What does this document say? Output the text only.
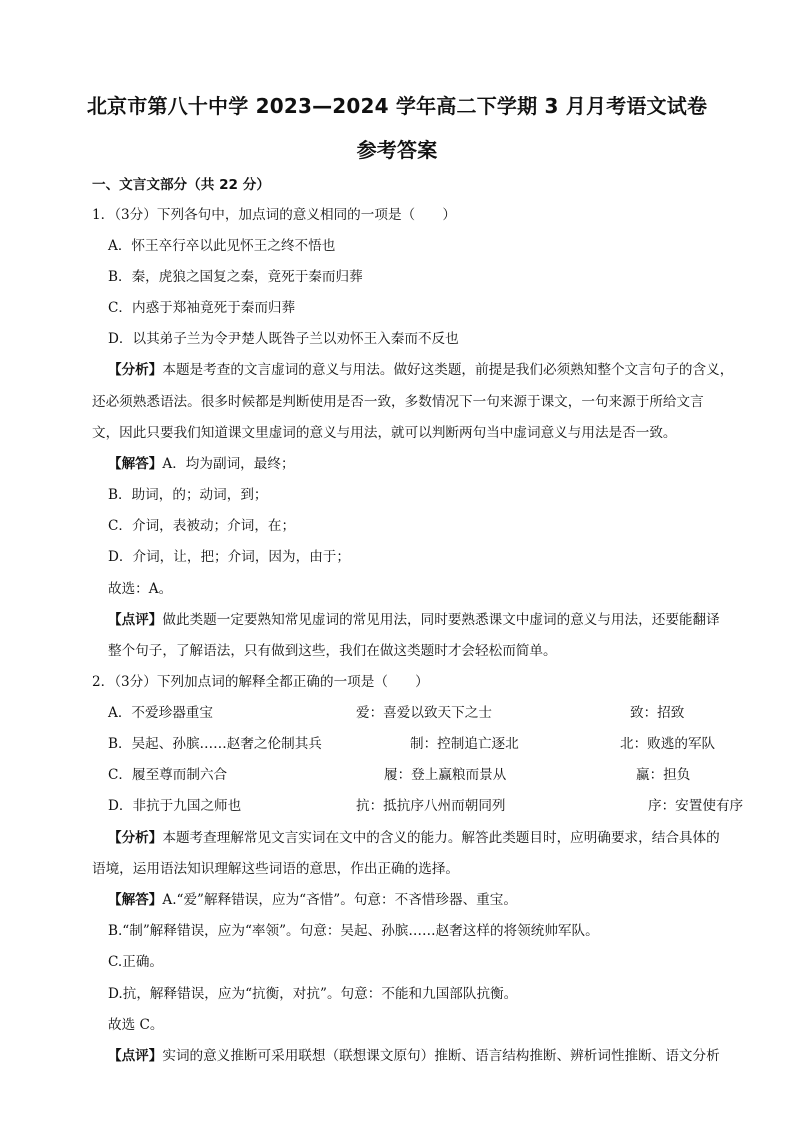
北京市第八十中学 2023—2024 学年高二下学期 3 月月考语文试卷
参考答案
一、文言文部分（共 22 分）
1．（3分）下列各句中，加点词的意义相同的一项是（　　）
A．怀王卒行卒以此见怀王之终不悟也
B．秦，虎狼之国复之秦，竟死于秦而归葬
C．内惑于郑袖竟死于秦而归葬
D．以其弟子兰为令尹楚人既咎子兰以劝怀王入秦而不反也
【分析】本题是考查的文言虚词的意义与用法。做好这类题，前提是我们必须熟知整个文言句子的含义，
还必须熟悉语法。很多时候都是判断使用是否一致，多数情况下一句来源于课文，一句来源于所给文言
文，因此只要我们知道课文里虚词的意义与用法，就可以判断两句当中虚词意义与用法是否一致。
【解答】A．均为副词，最终；
B．助词，的；动词，到；
C．介词，表被动；介词，在；
D．介词，让，把；介词，因为，由于；
故选：A。
【点评】做此类题一定要熟知常见虚词的常见用法，同时要熟悉课文中虚词的意义与用法，还要能翻译
整个句子，了解语法，只有做到这些，我们在做这类题时才会轻松而简单。
2．（3分）下列加点词的解释全都正确的一项是（　　）
A．不爱珍器重宝	爱：喜爱以致天下之士	致：招致
B．吴起、孙膑……赵奢之伦制其兵	制：控制追亡逐北	北：败逃的军队
C．履至尊而制六合	履：登上赢粮而景从	赢：担负
D．非抗于九国之师也	抗：抵抗序八州而朝同列	序：安置使有序
【分析】本题考查理解常见文言实词在文中的含义的能力。解答此类题目时，应明确要求，结合具体的
语境，运用语法知识理解这些词语的意思，作出正确的选择。
【解答】A.“爱”解释错误，应为“吝惜”。句意：不吝惜珍器、重宝。
B.“制”解释错误，应为“率领”。句意：吴起、孙膑……赵奢这样的将领统帅军队。
C.正确。
D.抗，解释错误，应为“抗衡，对抗”。句意：不能和九国部队抗衡。
故选 C。
【点评】实词的意义推断可采用联想（联想课文原句）推断、语言结构推断、辨析词性推断、语文分析
